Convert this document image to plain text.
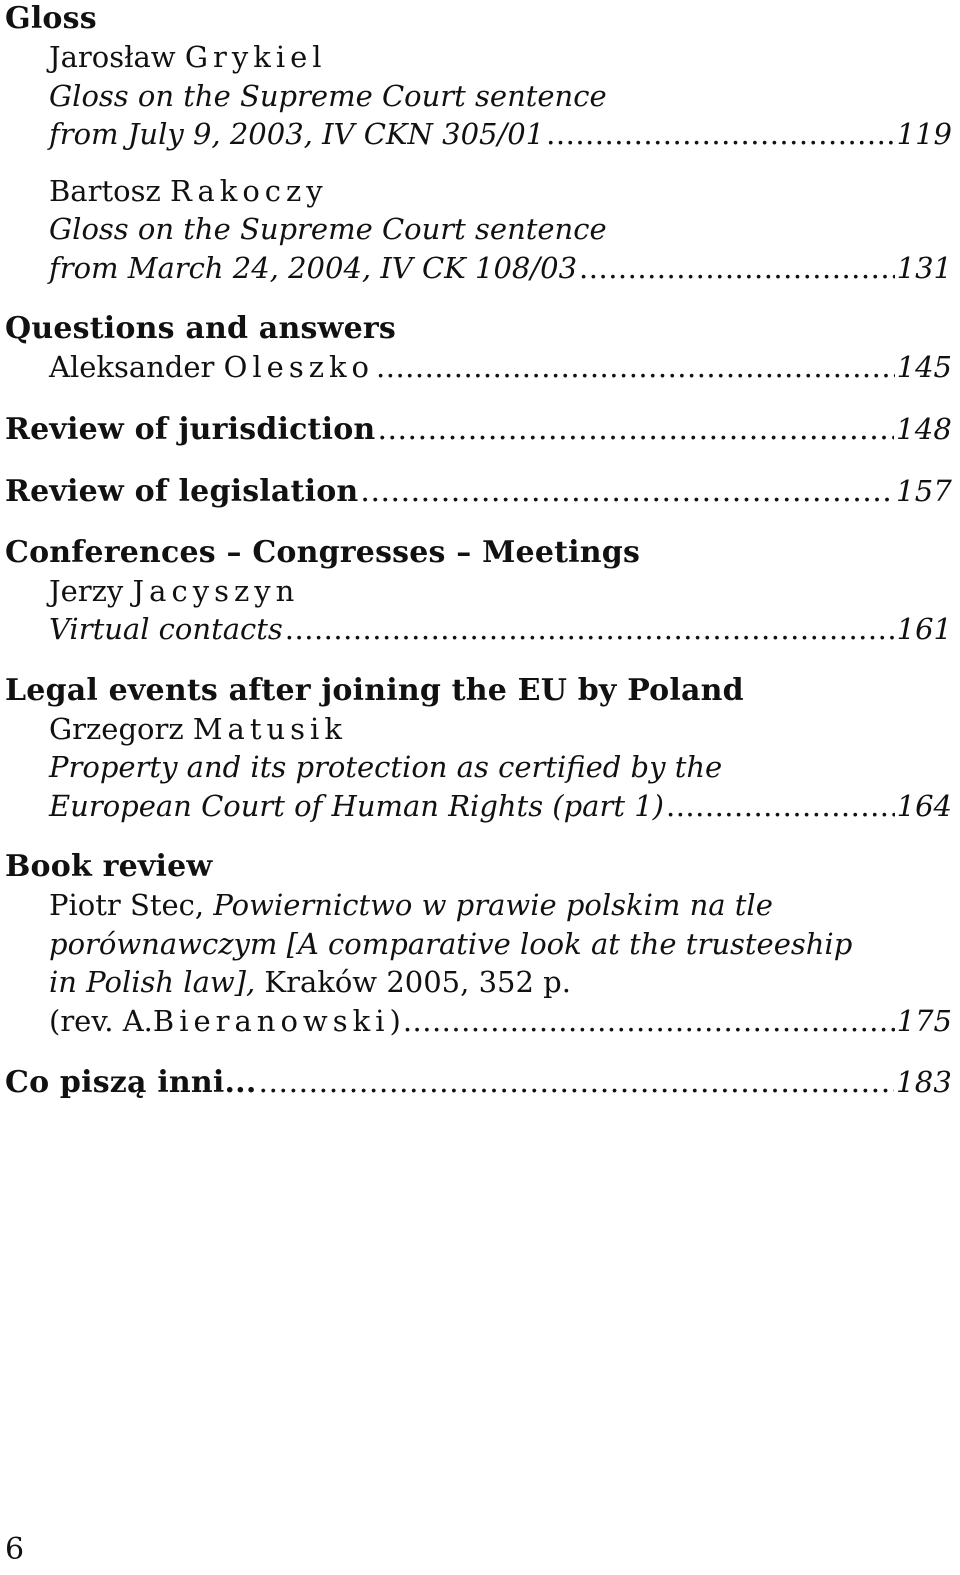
Gloss
Jarosław Grykiel
Gloss on the Supreme Court sentence
from July 9, 2003, IV CKN 305/01 .....	119
Bartosz Rakoczy
Gloss on the Supreme Court sentence
from March 24, 2004, IV CK 108/03 .....	131
Questions and answers
Aleksander
Oleszko .....	145
Review of jurisdiction .....	148
Review of legislation .....	157
Conferences – Congresses – Meetings
Jerzy Jacyszyn
Virtual contacts .....	161
Legal events after joining the EU by Poland
Grzegorz Matusik
Property and its protection as certified by the
European Court of Human Rights (part 1) .....	164
Book review
Piotr Stec, Powiernictwo w prawie polskim na tle
porównawczym [A comparative look at the trusteeship
in Polish law], Kraków 2005, 352 p.
(rev. A. Bieranowski ) .....	175
Co piszą inni... .....	183
6
